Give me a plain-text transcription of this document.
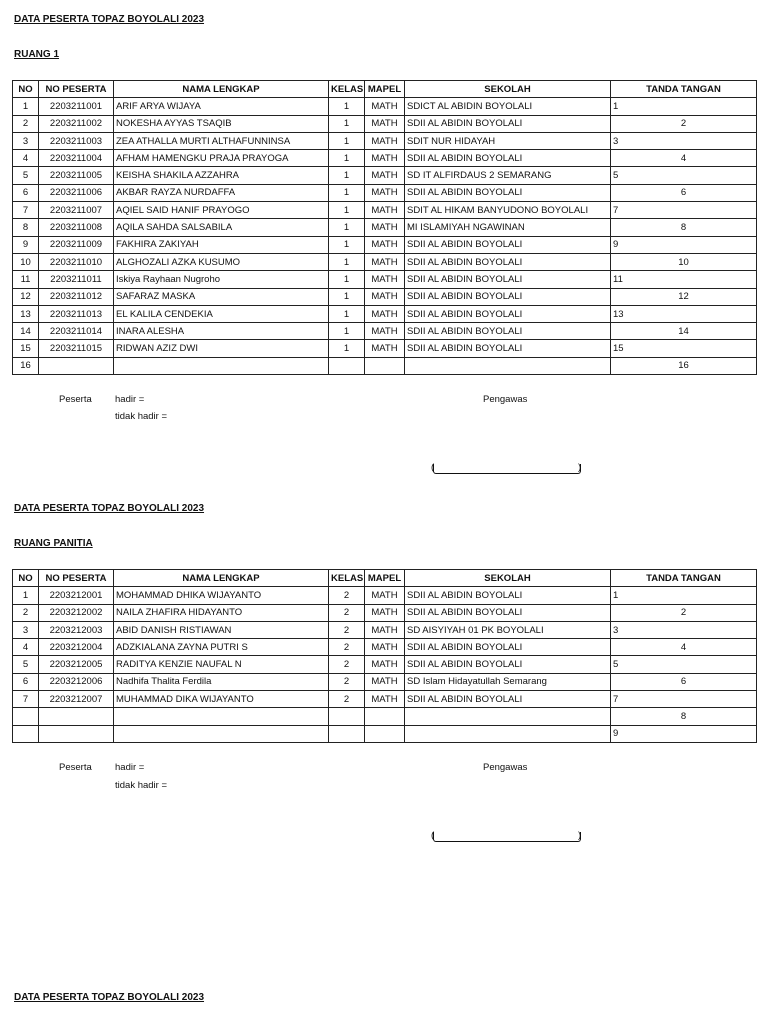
DATA PESERTA TOPAZ BOYOLALI 2023
RUANG 1
NO	NO PESERTA	NAMA LENGKAP	KELAS	MAPEL	SEKOLAH	TANDA TANGAN
1	2203211001	ARIF ARYA WIJAYA	1	MATH	SDICT AL ABIDIN BOYOLALI	1
2	2203211002	NOKESHA AYYAS TSAQIB	1	MATH	SDII AL ABIDIN BOYOLALI	2
3	2203211003	ZEA ATHALLA MURTI ALTHAFUNNINSA	1	MATH	SDIT NUR HIDAYAH	3
4	2203211004	AFHAM HAMENGKU PRAJA PRAYOGA	1	MATH	SDII AL ABIDIN BOYOLALI	4
5	2203211005	KEISHA SHAKILA AZZAHRA	1	MATH	SD IT ALFIRDAUS 2 SEMARANG	5
6	2203211006	AKBAR RAYZA NURDAFFA	1	MATH	SDII AL ABIDIN BOYOLALI	6
7	2203211007	AQIEL SAID HANIF PRAYOGO	1	MATH	SDIT AL HIKAM BANYUDONO BOYOLALI	7
8	2203211008	AQILA SAHDA SALSABILA	1	MATH	MI ISLAMIYAH NGAWINAN	8
9	2203211009	FAKHIRA ZAKIYAH	1	MATH	SDII AL ABIDIN BOYOLALI	9
10	2203211010	ALGHOZALI AZKA KUSUMO	1	MATH	SDII AL ABIDIN BOYOLALI	10
11	2203211011	Iskiya Rayhaan Nugroho	1	MATH	SDII AL ABIDIN BOYOLALI	11
12	2203211012	SAFARAZ MASKA	1	MATH	SDII AL ABIDIN BOYOLALI	12
13	2203211013	EL KALILA CENDEKIA	1	MATH	SDII AL ABIDIN BOYOLALI	13
14	2203211014	INARA ALESHA	1	MATH	SDII AL ABIDIN BOYOLALI	14
15	2203211015	RIDWAN AZIZ DWI	1	MATH	SDII AL ABIDIN BOYOLALI	15
16						16
Peserta hadir =
tidak hadir =
Pengawas
(	)
DATA PESERTA TOPAZ BOYOLALI 2023
RUANG PANITIA
NO	NO PESERTA	NAMA LENGKAP	KELAS	MAPEL	SEKOLAH	TANDA TANGAN
1	2203212001	MOHAMMAD DHIKA WIJAYANTO	2	MATH	SDII AL ABIDIN BOYOLALI	1
2	2203212002	NAILA ZHAFIRA HIDAYANTO	2	MATH	SDII AL ABIDIN BOYOLALI	2
3	2203212003	ABID DANISH RISTIAWAN	2	MATH	SD AISYIYAH 01 PK BOYOLALI	3
4	2203212004	ADZKIALANA ZAYNA PUTRI S	2	MATH	SDII AL ABIDIN BOYOLALI	4
5	2203212005	RADITYA KENZIE NAUFAL N	2	MATH	SDII AL ABIDIN BOYOLALI	5
6	2203212006	Nadhifa Thalita Ferdila	2	MATH	SD Islam Hidayatullah Semarang	6
7	2203212007	MUHAMMAD DIKA WIJAYANTO	2	MATH	SDII AL ABIDIN BOYOLALI	7
						8
						9
Peserta hadir =
tidak hadir =
Pengawas
(	)
DATA PESERTA TOPAZ BOYOLALI 2023
